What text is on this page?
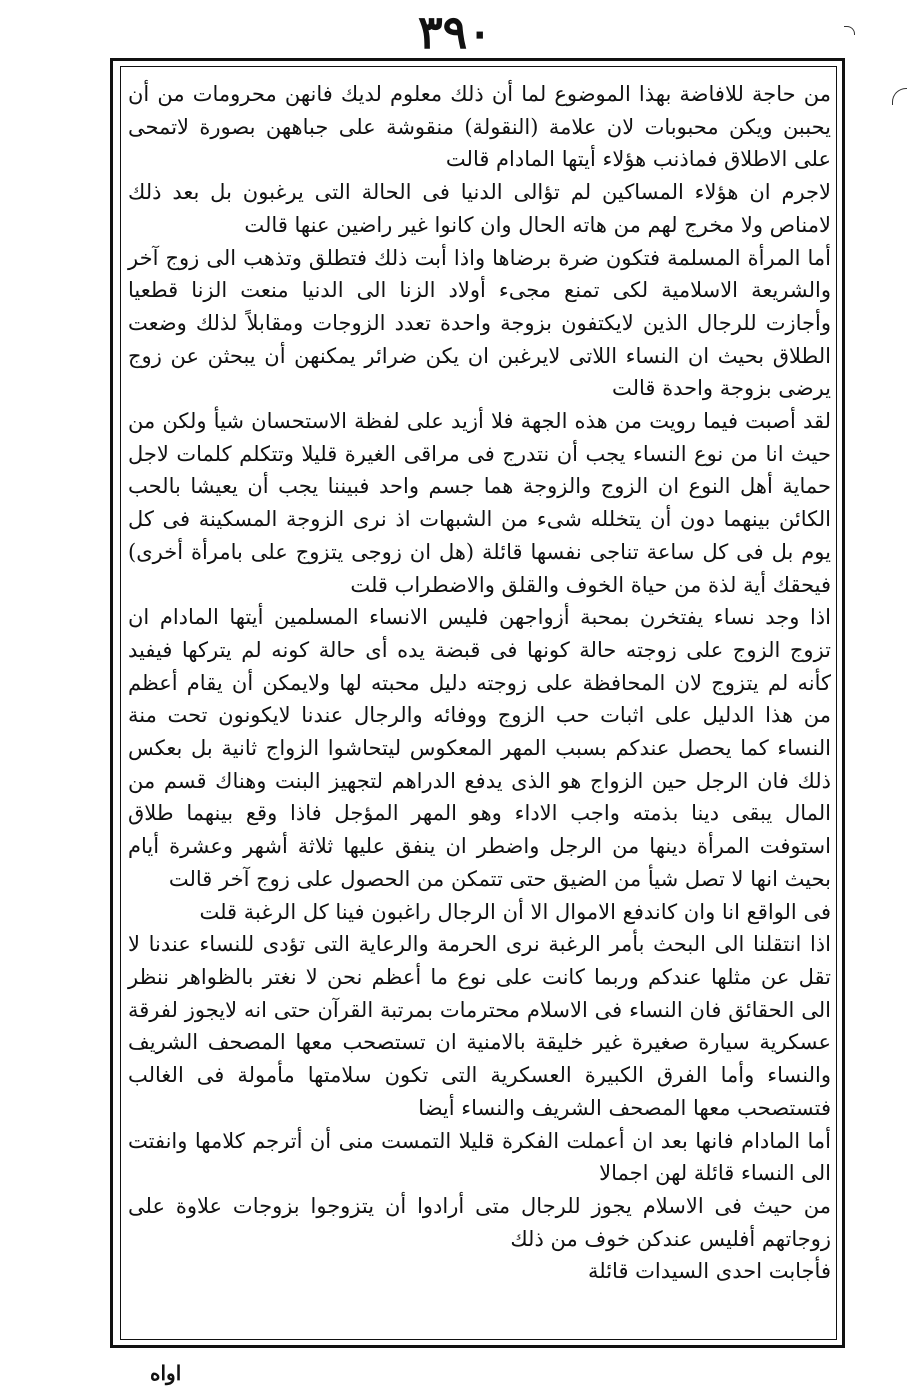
٣٩٠

من حاجة للافاضة بهذا الموضوع لما أن ذلك معلوم لديك فانهن محرومات من أن يحببن ويكن محبوبات لان علامة (النقولة) منقوشة على جباههن بصورة لاتمحى على الاطلاق فماذنب هؤلاء أيتها المادام قالت

لاجرم ان هؤلاء المساكين لم تؤالى الدنيا فى الحالة التى يرغبون بل بعد ذلك لامناص ولا مخرج لهم من هاته الحال وان كانوا غير راضين عنها قالت

أما المرأة المسلمة فتكون ضرة برضاها واذا أبت ذلك فتطلق وتذهب الى زوج آخر والشريعة الاسلامية لكى تمنع مجىء أولاد الزنا الى الدنيا منعت الزنا قطعيا وأجازت للرجال الذين لايكتفون بزوجة واحدة تعدد الزوجات ومقابلاً لذلك وضعت الطلاق بحيث ان النساء اللاتى لايرغبن ان يكن ضرائر يمكنهن أن يبحثن عن زوج يرضى بزوجة واحدة قالت

لقد أصبت فيما رويت من هذه الجهة فلا أزيد على لفظة الاستحسان شيأ ولكن من حيث انا من نوع النساء يجب أن نتدرج فى مراقى الغيرة قليلا وتتكلم كلمات لاجل حماية أهل النوع ان الزوج والزوجة هما جسم واحد فبيننا يجب أن يعيشا بالحب الكائن بينهما دون أن يتخلله شىء من الشبهات اذ نرى الزوجة المسكينة فى كل يوم بل فى كل ساعة تناجى نفسها قائلة (هل ان زوجى يتزوج على بامرأة أخرى) فيحقك أية لذة من حياة الخوف والقلق والاضطراب قلت

اذا وجد نساء يفتخرن بمحبة أزواجهن فليس الانساء المسلمين أيتها المادام ان تزوج الزوج على زوجته حالة كونها فى قبضة يده أى حالة كونه لم يتركها فيفيد كأنه لم يتزوج لان المحافظة على زوجته دليل محبته لها ولايمكن أن يقام أعظم من هذا الدليل على اثبات حب الزوج ووفائه والرجال عندنا لايكونون تحت منة النساء كما يحصل عندكم بسبب المهر المعكوس ليتحاشوا الزواج ثانية بل بعكس ذلك فان الرجل حين الزواج هو الذى يدفع الدراهم لتجهيز البنت وهناك قسم من المال يبقى دينا بذمته واجب الاداء وهو المهر المؤجل فاذا وقع بينهما طلاق استوفت المرأة دينها من الرجل واضطر ان ينفق عليها ثلاثة أشهر وعشرة أيام بحيث انها لا تصل شيأ من الضيق حتى تتمكن من الحصول على زوج آخر قالت

فى الواقع انا وان كاندفع الاموال الا أن الرجال راغبون فينا كل الرغبة قلت

اذا انتقلنا الى البحث بأمر الرغبة نرى الحرمة والرعاية التى تؤدى للنساء عندنا لا تقل عن مثلها عندكم وربما كانت على نوع ما أعظم نحن لا نغتر بالظواهر ننظر الى الحقائق فان النساء فى الاسلام محترمات بمرتبة القرآن حتى انه لايجوز لفرقة عسكرية سيارة صغيرة غير خليقة بالامنية ان تستصحب معها المصحف الشريف والنساء وأما الفرق الكبيرة العسكرية التى تكون سلامتها مأمولة فى الغالب فتستصحب معها المصحف الشريف والنساء أيضا

أما المادام فانها بعد ان أعملت الفكرة قليلا التمست منى أن أترجم كلامها وانفتت الى النساء قائلة لهن اجمالا

من حيث فى الاسلام يجوز للرجال متى أرادوا أن يتزوجوا بزوجات علاوة على زوجاتهم أفليس عندكن خوف من ذلك

فأجابت احدى السيدات قائلة

اواه
